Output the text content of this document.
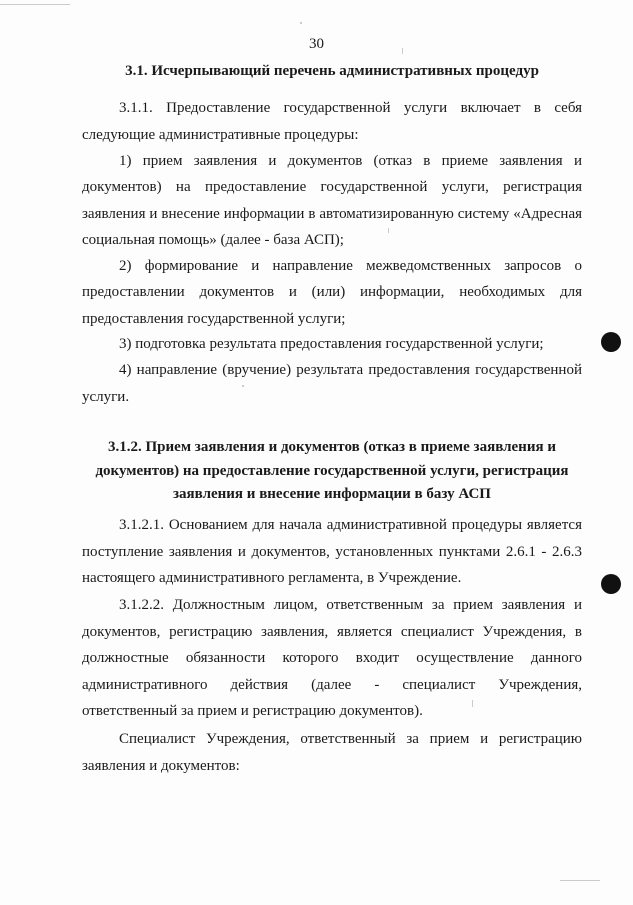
30
3.1. Исчерпывающий перечень административных процедур

3.1.1. Предоставление государственной услуги включает в себя следующие административные процедуры:

1) прием заявления и документов (отказ в приеме заявления и документов) на предоставление государственной услуги, регистрация заявления и внесение информации в автоматизированную систему «Адресная социальная помощь» (далее - база АСП);

2) формирование и направление межведомственных запросов о предоставлении документов и (или) информации, необходимых для предоставления государственной услуги;

3) подготовка результата предоставления государственной услуги;

4) направление (вручение) результата предоставления государственной услуги.

3.1.2. Прием заявления и документов (отказ в приеме заявления и документов) на предоставление государственной услуги, регистрация заявления и внесение информации в базу АСП

3.1.2.1. Основанием для начала административной процедуры является поступление заявления и документов, установленных пунктами 2.6.1 - 2.6.3 настоящего административного регламента, в Учреждение.

3.1.2.2. Должностным лицом, ответственным за прием заявления и документов, регистрацию заявления, является специалист Учреждения, в должностные обязанности которого входит осуществление данного административного действия (далее - специалист Учреждения, ответственный за прием и регистрацию документов).

Специалист Учреждения, ответственный за прием и регистрацию заявления и документов:
